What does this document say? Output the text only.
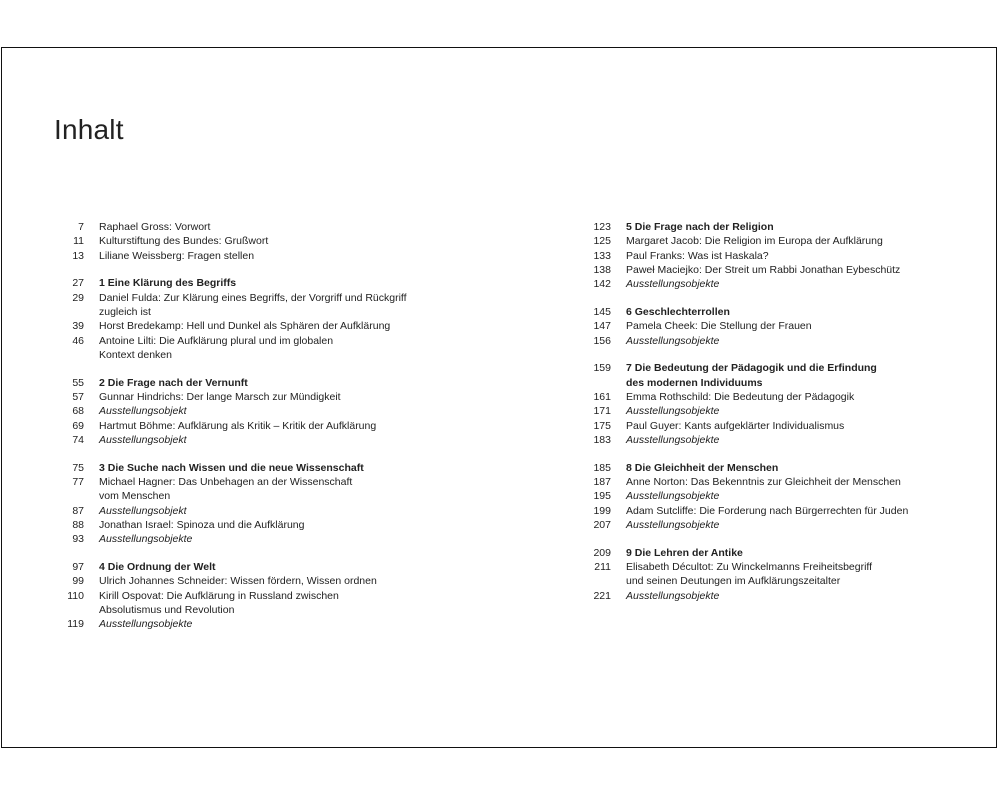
Inhalt
7 Raphael Gross: Vorwort
11 Kulturstiftung des Bundes: Grußwort
13 Liliane Weissberg: Fragen stellen
27 1 Eine Klärung des Begriffs
29 Daniel Fulda: Zur Klärung eines Begriffs, der Vorgriff und Rückgriff
zugleich ist
39 Horst Bredekamp: Hell und Dunkel als Sphären der Aufklärung
46 Antoine Lilti: Die Aufklärung plural und im globalen
Kontext denken
55 2 Die Frage nach der Vernunft
57 Gunnar Hindrichs: Der lange Marsch zur Mündigkeit
68 Ausstellungsobjekt
69 Hartmut Böhme: Aufklärung als Kritik – Kritik der Aufklärung
74 Ausstellungsobjekt
75 3 Die Suche nach Wissen und die neue Wissenschaft
77 Michael Hagner: Das Unbehagen an der Wissenschaft
vom Menschen
87 Ausstellungsobjekt
88 Jonathan Israel: Spinoza und die Aufklärung
93 Ausstellungsobjekte
97 4 Die Ordnung der Welt
99 Ulrich Johannes Schneider: Wissen fördern, Wissen ordnen
110 Kirill Ospovat: Die Aufklärung in Russland zwischen
Absolutismus und Revolution
119 Ausstellungsobjekte
123 5 Die Frage nach der Religion
125 Margaret Jacob: Die Religion im Europa der Aufklärung
133 Paul Franks: Was ist Haskala?
138 Paweł Maciejko: Der Streit um Rabbi Jonathan Eybeschütz
142 Ausstellungsobjekte
145 6 Geschlechterrollen
147 Pamela Cheek: Die Stellung der Frauen
156 Ausstellungsobjekte
159 7 Die Bedeutung der Pädagogik und die Erfindung
des modernen Individuums
161 Emma Rothschild: Die Bedeutung der Pädagogik
171 Ausstellungsobjekte
175 Paul Guyer: Kants aufgeklärter Individualismus
183 Ausstellungsobjekte
185 8 Die Gleichheit der Menschen
187 Anne Norton: Das Bekenntnis zur Gleichheit der Menschen
195 Ausstellungsobjekte
199 Adam Sutcliffe: Die Forderung nach Bürgerrechten für Juden
207 Ausstellungsobjekte
209 9 Die Lehren der Antike
211 Elisabeth Décultot: Zu Winckelmanns Freiheitsbegriff
und seinen Deutungen im Aufklärungszeitalter
221 Ausstellungsobjekte
